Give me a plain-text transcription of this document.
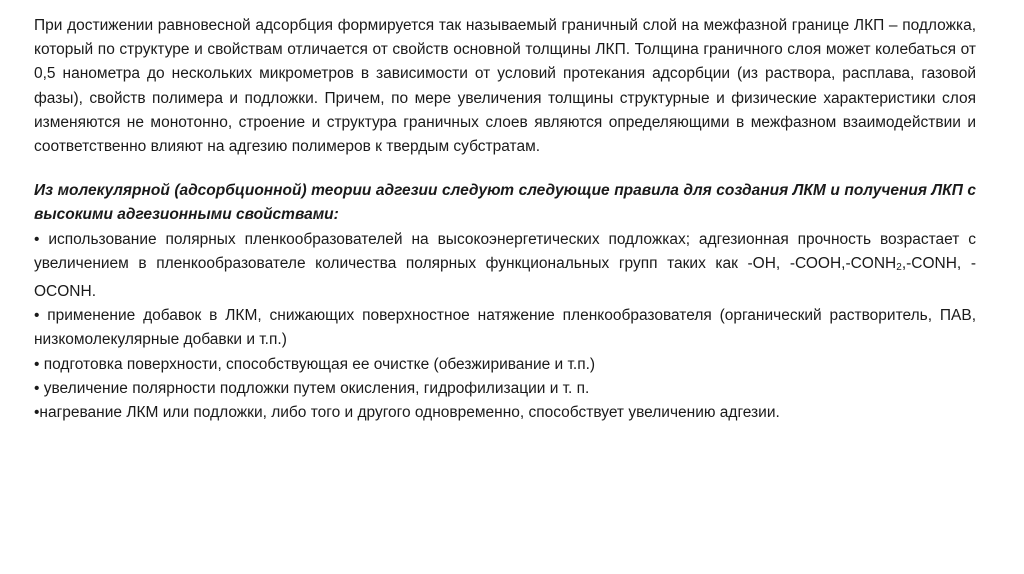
При достижении равновесной адсорбция формируется так называемый граничный слой на межфазной границе ЛКП – подложка, который по структуре и свойствам отличается от свойств основной толщины ЛКП. Толщина граничного слоя может колебаться от 0,5 нанометра до нескольких микрометров в зависимости от условий протекания адсорбции (из раствора, расплава, газовой фазы), свойств полимера и подложки. Причем, по мере увеличения толщины структурные и физические характеристики слоя изменяются не монотонно, строение и структура граничных слоев являются определяющими в межфазном взаимодействии и соответственно влияют на адгезию полимеров к твердым субстратам.

Из молекулярной (адсорбционной) теории адгезии следуют следующие правила для создания ЛКМ и получения ЛКП с высокими адгезионными свойствами:

• использование полярных пленкообразователей на высокоэнергетических подложках; адгезионная прочность возрастает с увеличением в пленкообразователе количества полярных функциональных групп таких как -ОН, $-СООН,-CONH_2$,-CONH, -OCONH.

• применение добавок в ЛКМ, снижающих поверхностное натяжение пленкообразователя (органический растворитель, ПАВ, низкомолекулярные добавки и т.п.)

• подготовка поверхности, способствующая ее очистке (обезжиривание и т.п.)

• увеличение полярности подложки путем окисления, гидрофилизации и т. п.

•нагревание ЛКМ или подложки, либо того и другого одновременно, способствует увеличению адгезии.
